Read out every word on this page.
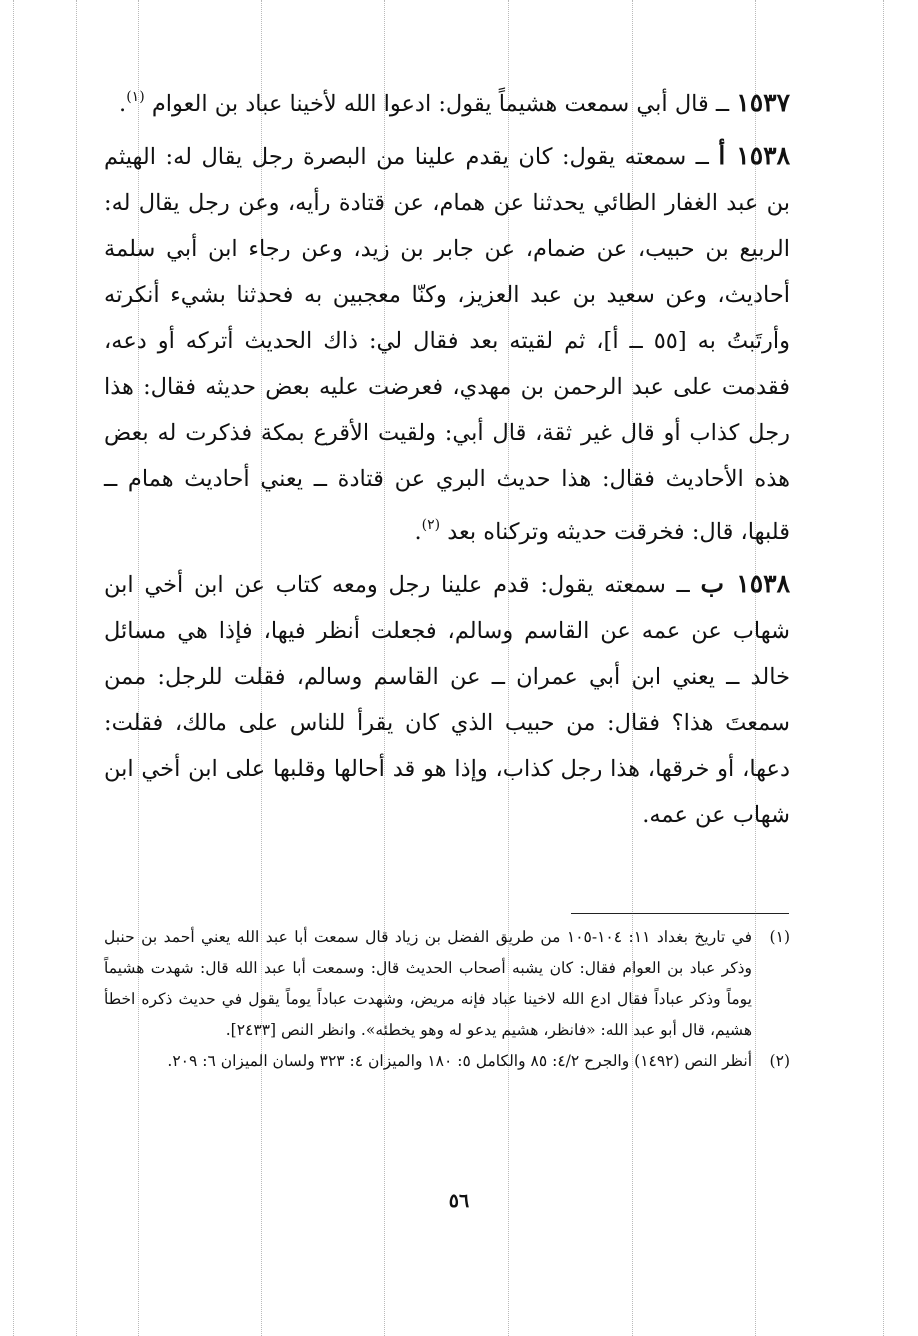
١٥٣٧ ــ قال أبي سمعت هشيماً يقول: ادعوا الله لأخينا عباد بن العوام $^{(١)}$.

١٥٣٨ أ ــ سمعته يقول: كان يقدم علينا من البصرة رجل يقال له: الهيثم بن عبد الغفار الطائي يحدثنا عن همام، عن قتادة رأيه، وعن رجل يقال له: الربيع بن حبيب، عن ضمام، عن جابر بن زيد، وعن رجاء ابن أبي سلمة أحاديث، وعن سعيد بن عبد العزيز، وكنّا معجبين به فحدثنا بشيء أنكرته وأرتَبتُ به [٥٥ ــ أ]، ثم لقيته بعد فقال لي: ذاك الحديث أتركه أو دعه، فقدمت على عبد الرحمن بن مهدي، فعرضت عليه بعض حديثه فقال: هذا رجل كذاب أو قال غير ثقة، قال أبي: ولقيت الأقرع بمكة فذكرت له بعض هذه الأحاديث فقال: هذا حديث البري عن قتادة ــ يعني أحاديث همام ــ قلبها، قال: فخرقت حديثه وتركناه بعد $^{(٢)}$.

١٥٣٨ ب ــ سمعته يقول: قدم علينا رجل ومعه كتاب عن ابن أخي ابن شهاب عن عمه عن القاسم وسالم، فجعلت أنظر فيها، فإذا هي مسائل خالد ــ يعني ابن أبي عمران ــ عن القاسم وسالم، فقلت للرجل: ممن سمعتَ هذا؟ فقال: من حبيب الذي كان يقرأ للناس على مالك، فقلت: دعها، أو خرقها، هذا رجل كذاب، وإذا هو قد أحالها وقلبها على ابن أخي ابن شهاب عن عمه.

(١)
في تاريخ بغداد ١١: ١٠٤-١٠٥ من طريق الفضل بن زياد قال سمعت أبا عبد الله يعني أحمد بن حنبل وذكر عباد بن العوام فقال: كان يشبه أصحاب الحديث قال: وسمعت أبا عبد الله قال: شهدت هشيماً يوماً وذكر عباداً فقال ادع الله لاخينا عباد فإنه مريض، وشهدت عباداً يوماً يقول في حديث ذكره اخطأ هشيم، قال أبو عبد الله: «فانظر، هشيم يدعو له وهو يخطئه». وانظر النص [٢٤٣٣].
(٢)
أنظر النص (١٤٩٢) والجرح ٤/٢: ٨٥ والكامل ٥: ١٨٠ والميزان ٤: ٣٢٣ ولسان الميزان ٦: ٢٠٩.
٥٦
